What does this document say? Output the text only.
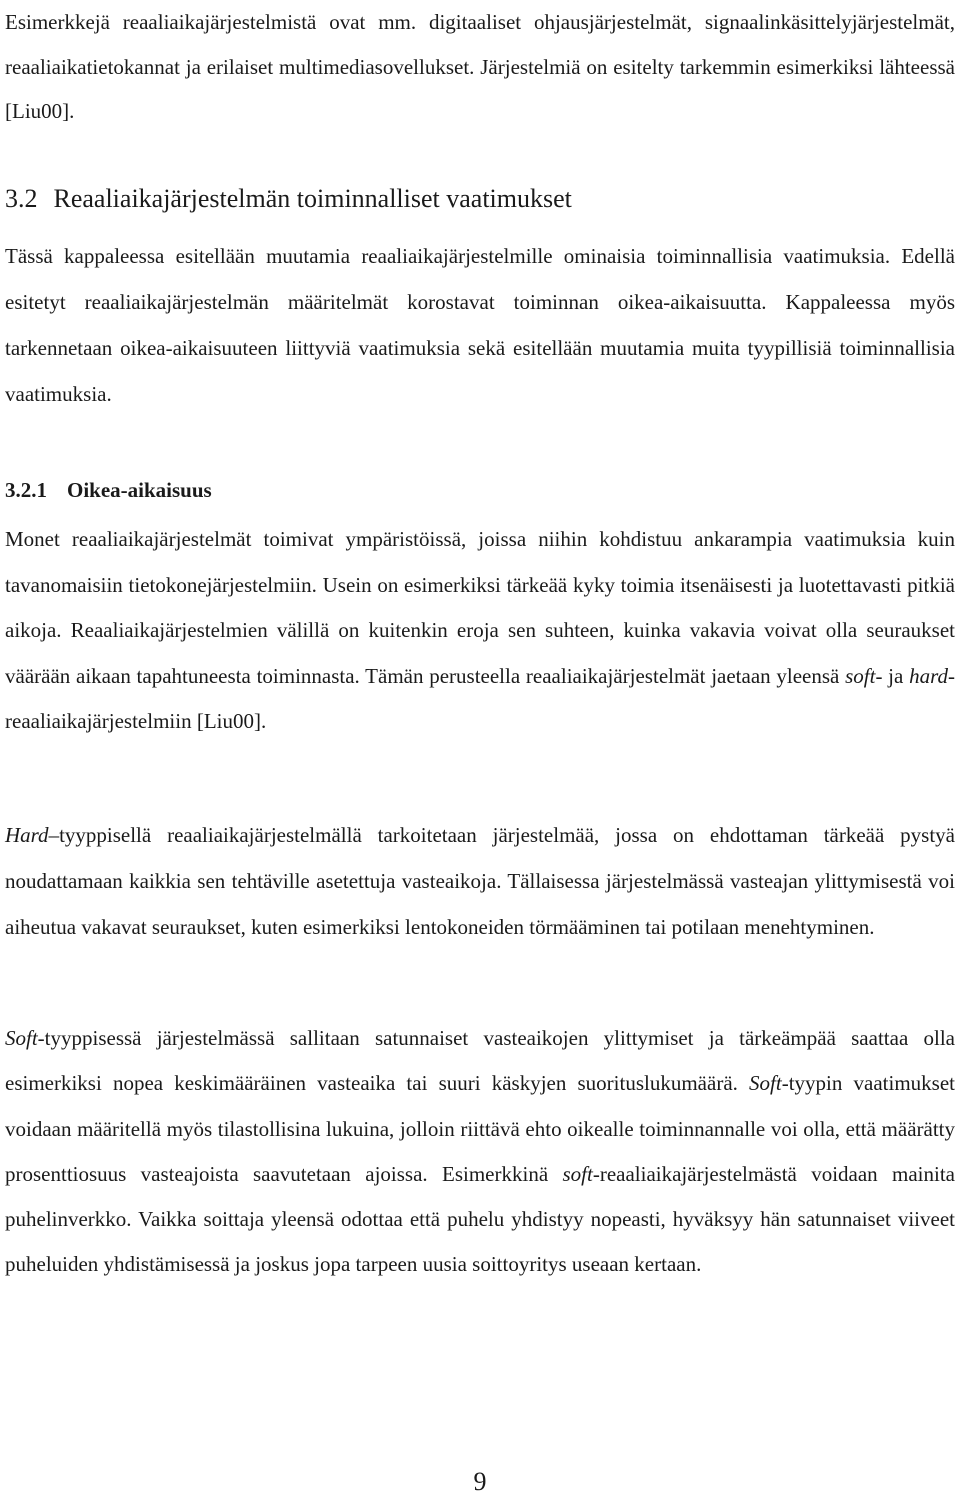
Esimerkkejä reaaliaikajärjestelmistä ovat mm. digitaaliset ohjausjärjestelmät, signaalinkäsittelyjärjestelmät, reaaliaikatietokannat ja erilaiset multimediasovellukset. Järjestelmiä on esitelty tarkemmin esimerkiksi lähteessä [Liu00].

3.2 Reaaliaikajärjestelmän toiminnalliset vaatimukset

Tässä kappaleessa esitellään muutamia reaaliaikajärjestelmille ominaisia toiminnallisia vaatimuksia. Edellä esitetyt reaaliaikajärjestelmän määritelmät korostavat toiminnan oikea-aikaisuutta. Kappaleessa myös tarkennetaan oikea-aikaisuuteen liittyviä vaatimuksia sekä esitellään muutamia muita tyypillisiä toiminnallisia vaatimuksia.

3.2.1 Oikea-aikaisuus

Monet reaaliaikajärjestelmät toimivat ympäristöissä, joissa niihin kohdistuu ankarampia vaatimuksia kuin tavanomaisiin tietokonejärjestelmiin. Usein on esimerkiksi tärkeää kyky toimia itsenäisesti ja luotettavasti pitkiä aikoja. Reaaliaikajärjestelmien välillä on kuitenkin eroja sen suhteen, kuinka vakavia voivat olla seuraukset väärään aikaan tapahtuneesta toiminnasta. Tämän perusteella reaaliaikajärjestelmät jaetaan yleensä soft- ja hard-reaaliaikajärjestelmiin [Liu00].

Hard–tyyppisellä reaaliaikajärjestelmällä tarkoitetaan järjestelmää, jossa on ehdottaman tärkeää pystyä noudattamaan kaikkia sen tehtäville asetettuja vasteaikoja. Tällaisessa järjestelmässä vasteajan ylittymisestä voi aiheutua vakavat seuraukset, kuten esimerkiksi lentokoneiden törmääminen tai potilaan menehtyminen.

Soft-tyyppisessä järjestelmässä sallitaan satunnaiset vasteaikojen ylittymiset ja tärkeämpää saattaa olla esimerkiksi nopea keskimääräinen vasteaika tai suuri käskyjen suorituslukumäärä. Soft-tyypin vaatimukset voidaan määritellä myös tilastollisina lukuina, jolloin riittävä ehto oikealle toiminnannalle voi olla, että määrätty prosenttiosuus vasteajoista saavutetaan ajoissa. Esimerkkinä soft-reaaliaikajärjestelmästä voidaan mainita puhelinverkko. Vaikka soittaja yleensä odottaa että puhelu yhdistyy nopeasti, hyväksyy hän satunnaiset viiveet puheluiden yhdistämisessä ja joskus jopa tarpeen uusia soittoyritys useaan kertaan.

9
